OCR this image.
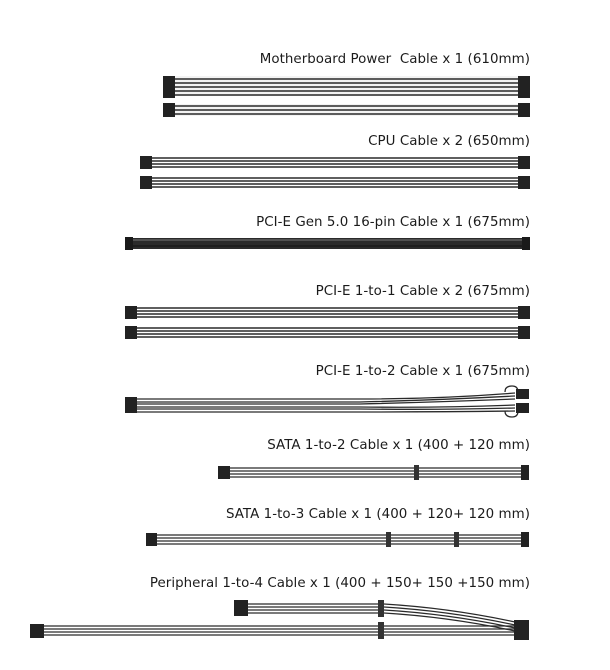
Motherboard Power  Cable x 1 (610mm)
CPU Cable x 2 (650mm)
PCI-E Gen 5.0 16-pin Cable x 1 (675mm)
PCI-E 1-to-1 Cable x 2 (675mm)
PCI-E 1-to-2 Cable x 1 (675mm)
SATA 1-to-2 Cable x 1 (400 + 120 mm)
SATA 1-to-3 Cable x 1 (400 + 120+ 120 mm)
Peripheral 1-to-4 Cable x 1 (400 + 150+ 150 +150 mm)
